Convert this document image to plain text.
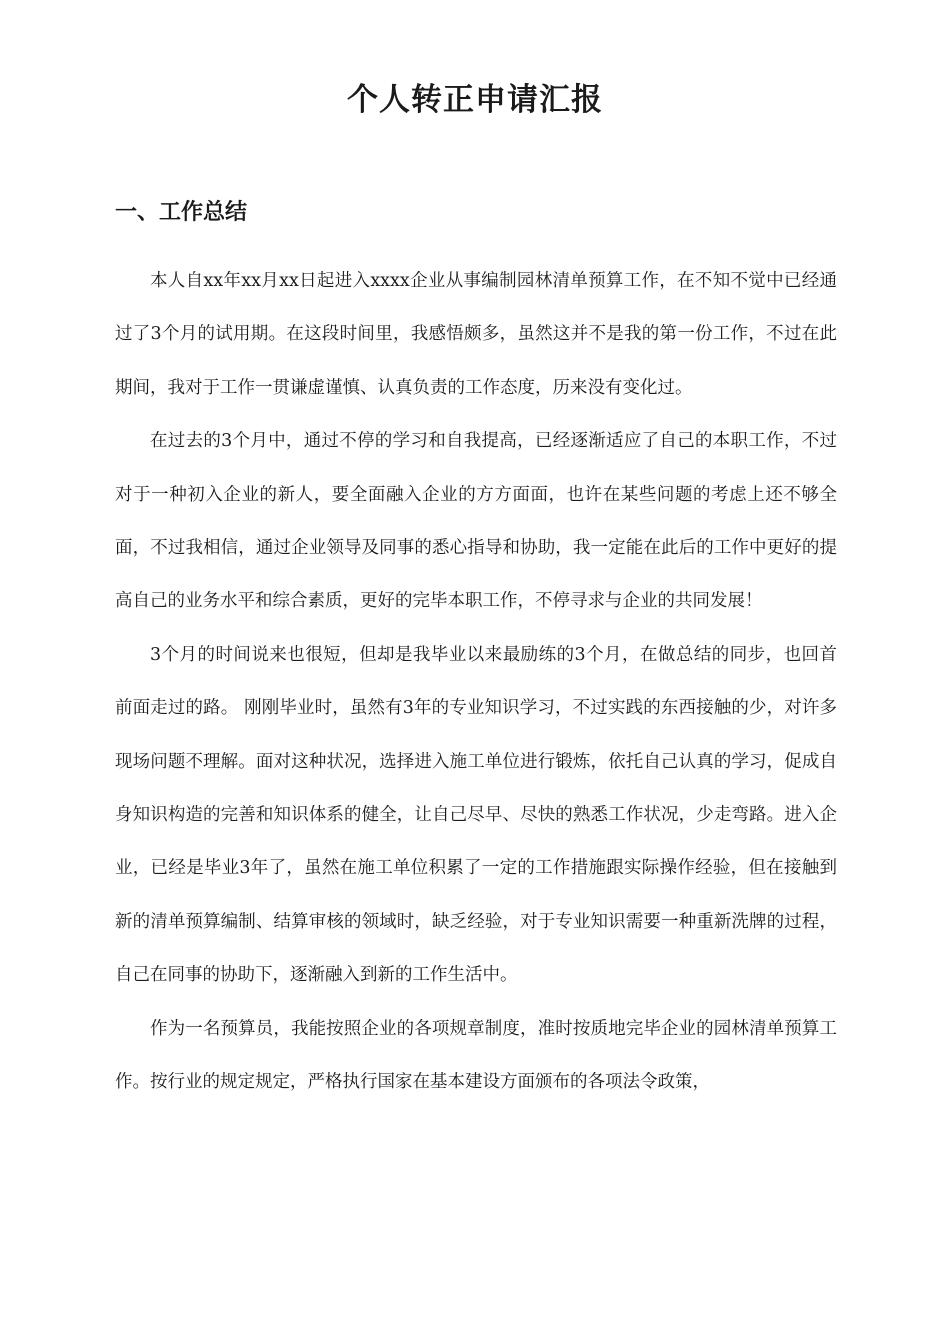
个人转正申请汇报
一、工作总结

本人自xx年xx月xx日起进入xxxx企业从事编制园林清单预算工作，在不知不觉中已经通过了3个月的试用期。在这段时间里，我感悟颇多，虽然这并不是我的第一份工作，不过在此期间，我对于工作一贯谦虚谨慎、认真负责的工作态度，历来没有变化过。

在过去的3个月中，通过不停的学习和自我提高，已经逐渐适应了自己的本职工作，不过对于一种初入企业的新人，要全面融入企业的方方面面，也许在某些问题的考虑上还不够全面，不过我相信，通过企业领导及同事的悉心指导和协助，我一定能在此后的工作中更好的提高自己的业务水平和综合素质，更好的完毕本职工作，不停寻求与企业的共同发展！

3个月的时间说来也很短，但却是我毕业以来最励练的3个月，在做总结的同步，也回首前面走过的路。 刚刚毕业时，虽然有3年的专业知识学习，不过实践的东西接触的少，对许多现场问题不理解。面对这种状况，选择进入施工单位进行锻炼，依托自己认真的学习，促成自身知识构造的完善和知识体系的健全，让自己尽早、尽快的熟悉工作状况，少走弯路。进入企业，已经是毕业3年了，虽然在施工单位积累了一定的工作措施跟实际操作经验，但在接触到新的清单预算编制、结算审核的领域时，缺乏经验，对于专业知识需要一种重新洗牌的过程，自己在同事的协助下，逐渐融入到新的工作生活中。

作为一名预算员，我能按照企业的各项规章制度，准时按质地完毕企业的园林清单预算工作。按行业的规定规定，严格执行国家在基本建设方面颁布的各项法令政策，
